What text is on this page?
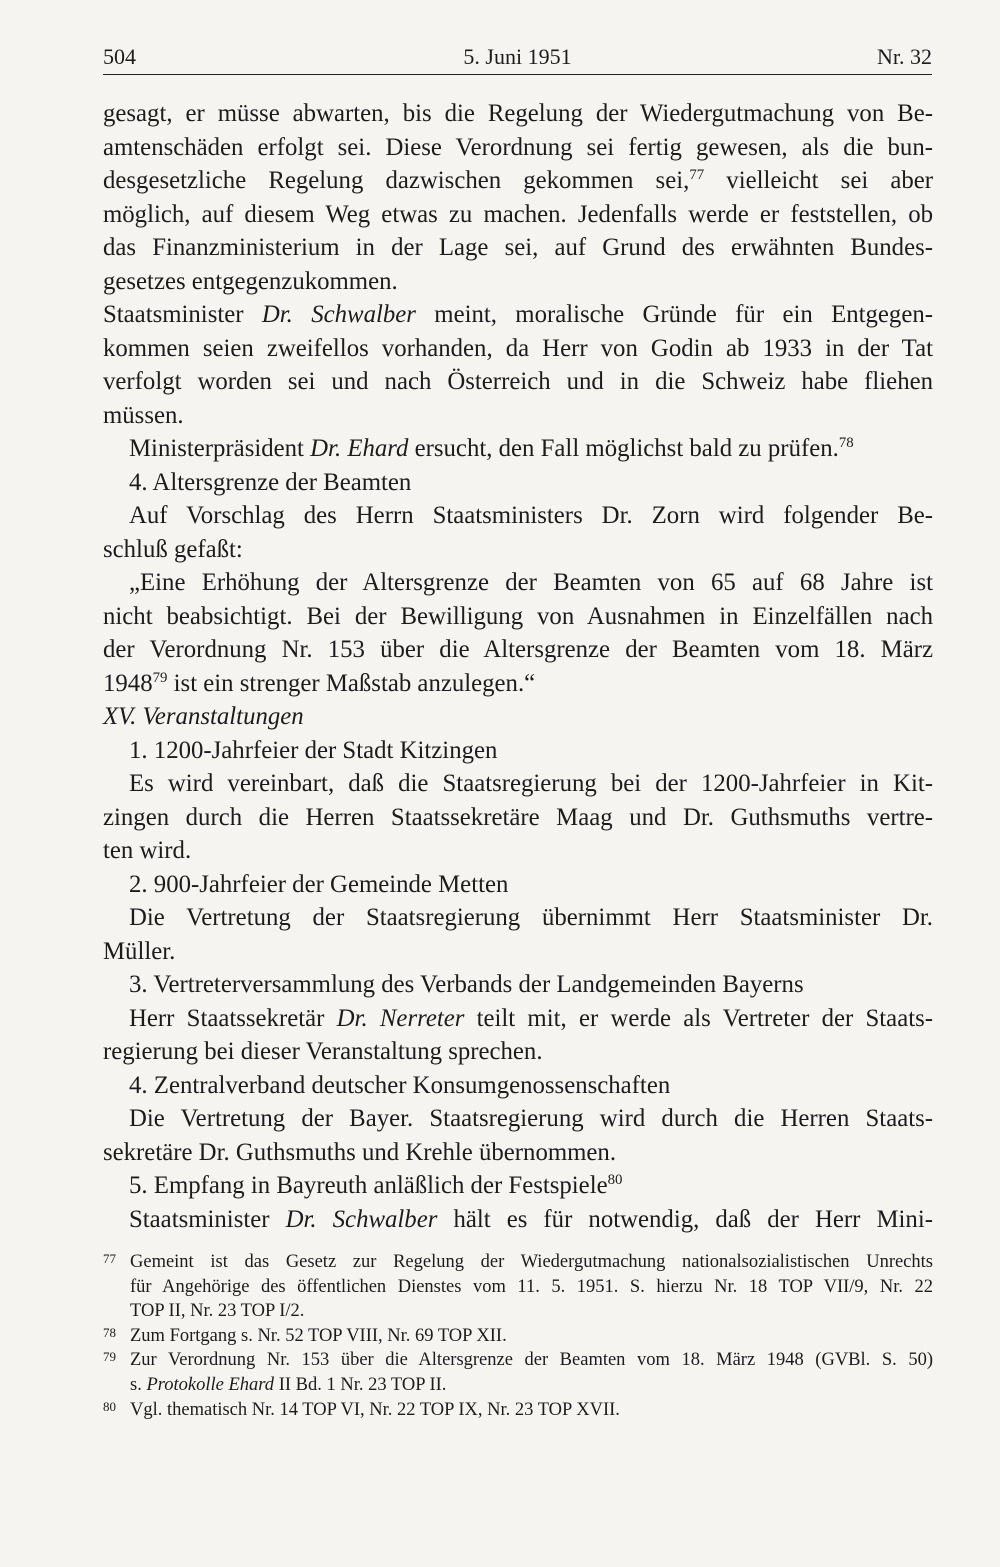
504	5. Juni 1951	Nr. 32

gesagt, er müsse abwarten, bis die Regelung der Wiedergutmachung von Be-
amtenschäden erfolgt sei. Diese Verordnung sei fertig gewesen, als die bun-
desgesetzliche Regelung dazwischen gekommen sei,$^{77}$ vielleicht sei aber
möglich, auf diesem Weg etwas zu machen. Jedenfalls werde er feststellen, ob
das Finanzministerium in der Lage sei, auf Grund des erwähnten Bundes-
gesetzes entgegenzukommen.

Staatsminister Dr. Schwalber meint, moralische Gründe für ein Entgegen-
kommen seien zweifellos vorhanden, da Herr von Godin ab 1933 in der Tat
verfolgt worden sei und nach Österreich und in die Schweiz habe fliehen
müssen.

Ministerpräsident Dr. Ehard ersucht, den Fall möglichst bald zu prüfen.$^{78}$

4. Altersgrenze der Beamten

Auf Vorschlag des Herrn Staatsministers Dr. Zorn wird folgender Be-
schluß gefaßt:

„Eine Erhöhung der Altersgrenze der Beamten von 65 auf 68 Jahre ist
nicht beabsichtigt. Bei der Bewilligung von Ausnahmen in Einzelfällen nach
der Verordnung Nr. 153 über die Altersgrenze der Beamten vom 18. März
1948$^{79}$ ist ein strenger Maßstab anzulegen.“

XV. Veranstaltungen

1. 1200-Jahrfeier der Stadt Kitzingen

Es wird vereinbart, daß die Staatsregierung bei der 1200-Jahrfeier in Kit-
zingen durch die Herren Staatssekretäre Maag und Dr. Guthsmuths vertre-
ten wird.

2. 900-Jahrfeier der Gemeinde Metten

Die Vertretung der Staatsregierung übernimmt Herr Staatsminister Dr.
Müller.

3. Vertreterversammlung des Verbands der Landgemeinden Bayerns

Herr Staatssekretär Dr. Nerreter teilt mit, er werde als Vertreter der Staats-
regierung bei dieser Veranstaltung sprechen.

4. Zentralverband deutscher Konsumgenossenschaften

Die Vertretung der Bayer. Staatsregierung wird durch die Herren Staats-
sekretäre Dr. Guthsmuths und Krehle übernommen.

5. Empfang in Bayreuth anläßlich der Festspiele$^{80}$

Staatsminister Dr. Schwalber hält es für notwendig, daß der Herr Mini-

77 Gemeint ist das Gesetz zur Regelung der Wiedergutmachung nationalsozialistischen Unrechts
für Angehörige des öffentlichen Dienstes vom 11. 5. 1951. S. hierzu Nr. 18 TOP VII/9, Nr. 22
TOP II, Nr. 23 TOP I/2.
78 Zum Fortgang s. Nr. 52 TOP VIII, Nr. 69 TOP XII.
79 Zur Verordnung Nr. 153 über die Altersgrenze der Beamten vom 18. März 1948 (GVBl. S. 50)
s. Protokolle Ehard II Bd. 1 Nr. 23 TOP II.
80 Vgl. thematisch Nr. 14 TOP VI, Nr. 22 TOP IX, Nr. 23 TOP XVII.
